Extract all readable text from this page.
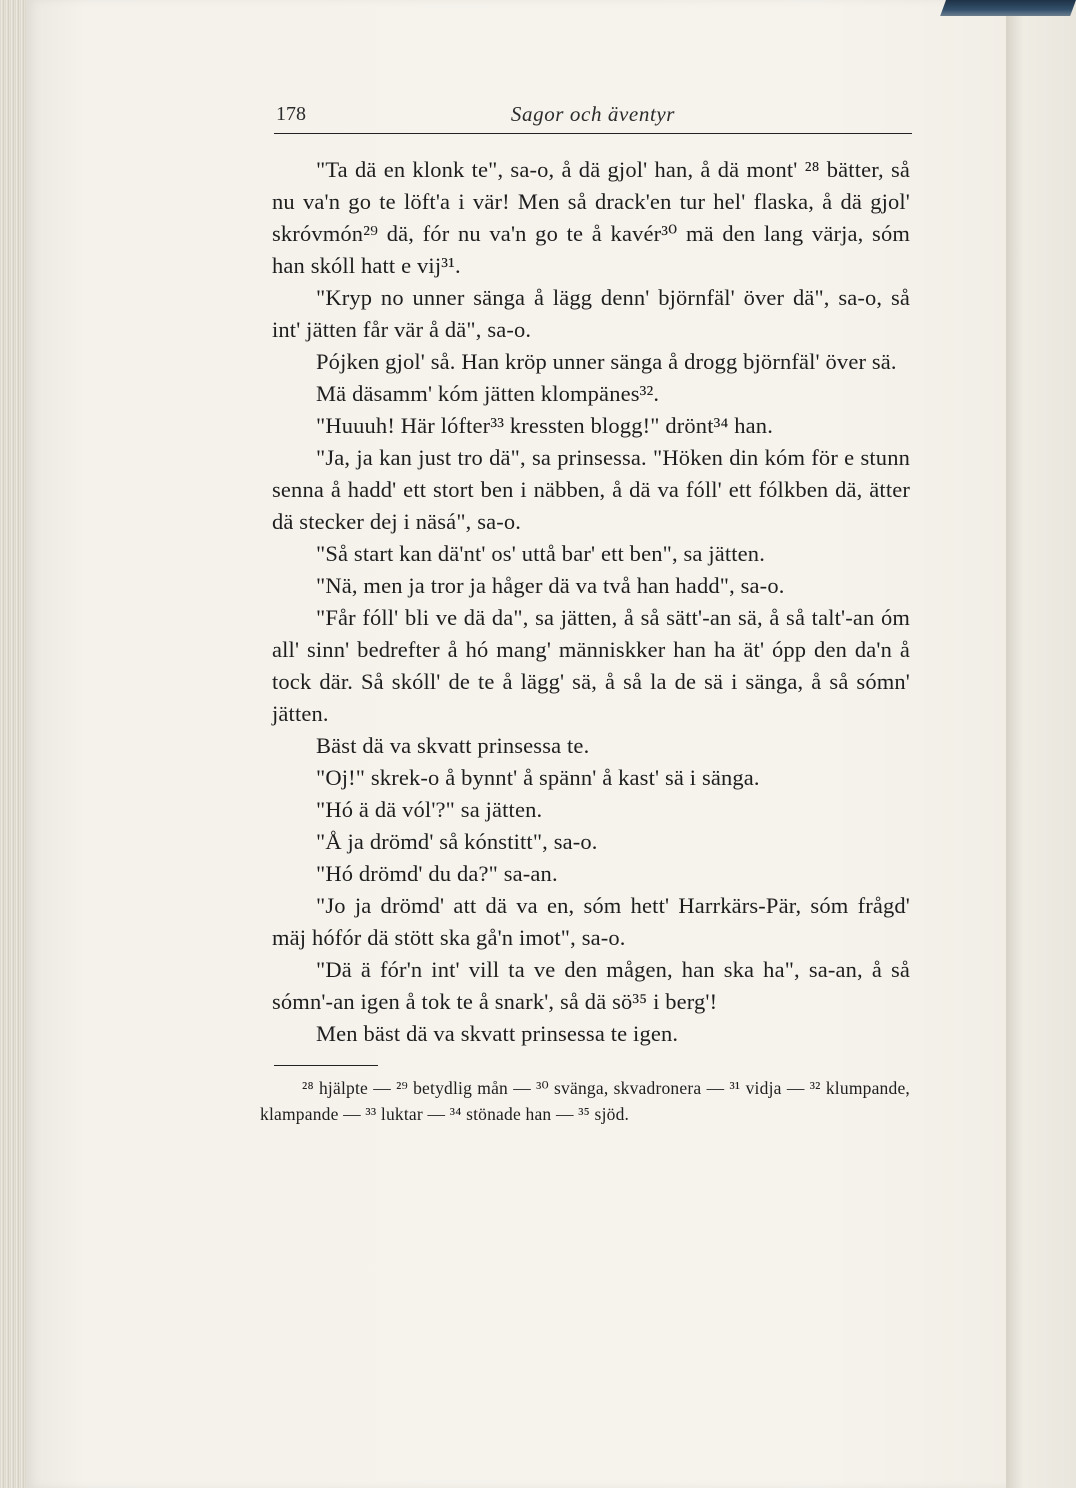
178	Sagor och äventyr

"Ta dä en klonk te", sa-o, å dä gjol' han, å dä mont' ²⁸ bätter, så nu va'n go te löft'a i vär! Men så drack'en tur hel' flaska, å dä gjol' skróvmón²⁹ dä, fór nu va'n go te å kavér³⁰ mä den lang värja, sóm han skóll hatt e vij³¹.

"Kryp no unner sänga å lägg denn' björnfäl' över dä", sa-o, så int' jätten får vär å dä", sa-o.

Pójken gjol' så. Han kröp unner sänga å drogg björnfäl' över sä.

Mä däsamm' kóm jätten klompänes³².

"Huuuh! Här lófter³³ kressten blogg!" drönt³⁴ han.

"Ja, ja kan just tro dä", sa prinsessa. "Höken din kóm för e stunn senna å hadd' ett stort ben i näbben, å dä va fóll' ett fólkben dä, ätter dä stecker dej i näsá", sa-o.

"Så start kan dä'nt' os' uttå bar' ett ben", sa jätten.

"Nä, men ja tror ja håger dä va två han hadd", sa-o.

"Får fóll' bli ve dä da", sa jätten, å så sätt'-an sä, å så talt'-an óm all' sinn' bedrefter å hó mang' människker han ha ät' ópp den da'n å tock där. Så skóll' de te å lägg' sä, å så la de sä i sänga, å så sómn' jätten.

Bäst dä va skvatt prinsessa te.

"Oj!" skrek-o å bynnt' å spänn' å kast' sä i sänga.

"Hó ä dä vól'?" sa jätten.

"Å ja drömd' så kónstitt", sa-o.

"Hó drömd' du da?" sa-an.

"Jo ja drömd' att dä va en, sóm hett' Harrkärs-Pär, sóm frågd' mäj hófór dä stött ska gå'n imot", sa-o.

"Dä ä fór'n int' vill ta ve den mågen, han ska ha", sa-an, å så sómn'-an igen å tok te å snark', så dä sö³⁵ i berg'!

Men bäst dä va skvatt prinsessa te igen.

²⁸ hjälpte — ²⁹ betydlig mån — ³⁰ svänga, skvadronera — ³¹ vidja — ³² klumpande, klampande — ³³ luktar — ³⁴ stönade han — ³⁵ sjöd.
